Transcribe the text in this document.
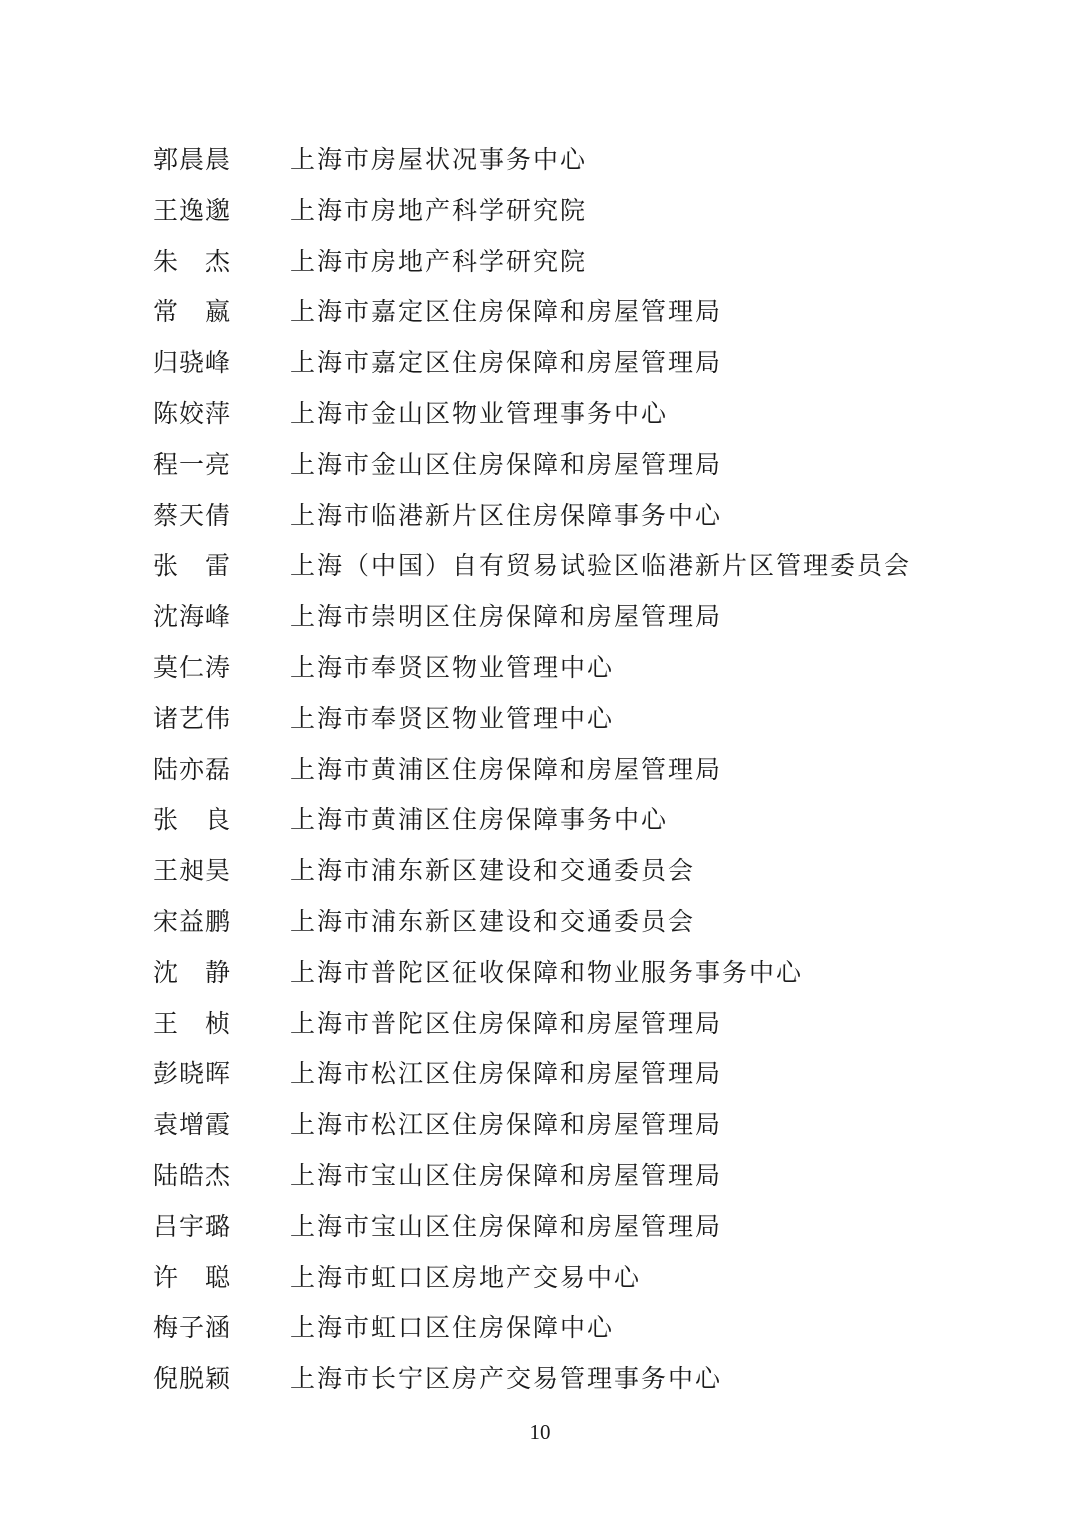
郭晨晨	上海市房屋状况事务中心
王逸邈	上海市房地产科学研究院
朱 杰	上海市房地产科学研究院
常 嬴	上海市嘉定区住房保障和房屋管理局
归骁峰	上海市嘉定区住房保障和房屋管理局
陈姣萍	上海市金山区物业管理事务中心
程一亮	上海市金山区住房保障和房屋管理局
蔡天倩	上海市临港新片区住房保障事务中心
张 雷	上海（中国）自有贸易试验区临港新片区管理委员会
沈海峰	上海市崇明区住房保障和房屋管理局
莫仁涛	上海市奉贤区物业管理中心
诸艺伟	上海市奉贤区物业管理中心
陆亦磊	上海市黄浦区住房保障和房屋管理局
张 良	上海市黄浦区住房保障事务中心
王昶昊	上海市浦东新区建设和交通委员会
宋益鹏	上海市浦东新区建设和交通委员会
沈 静	上海市普陀区征收保障和物业服务事务中心
王 桢	上海市普陀区住房保障和房屋管理局
彭晓晖	上海市松江区住房保障和房屋管理局
袁增霞	上海市松江区住房保障和房屋管理局
陆皓杰	上海市宝山区住房保障和房屋管理局
吕宇璐	上海市宝山区住房保障和房屋管理局
许 聪	上海市虹口区房地产交易中心
梅子涵	上海市虹口区住房保障中心
倪脱颖	上海市长宁区房产交易管理事务中心
10
